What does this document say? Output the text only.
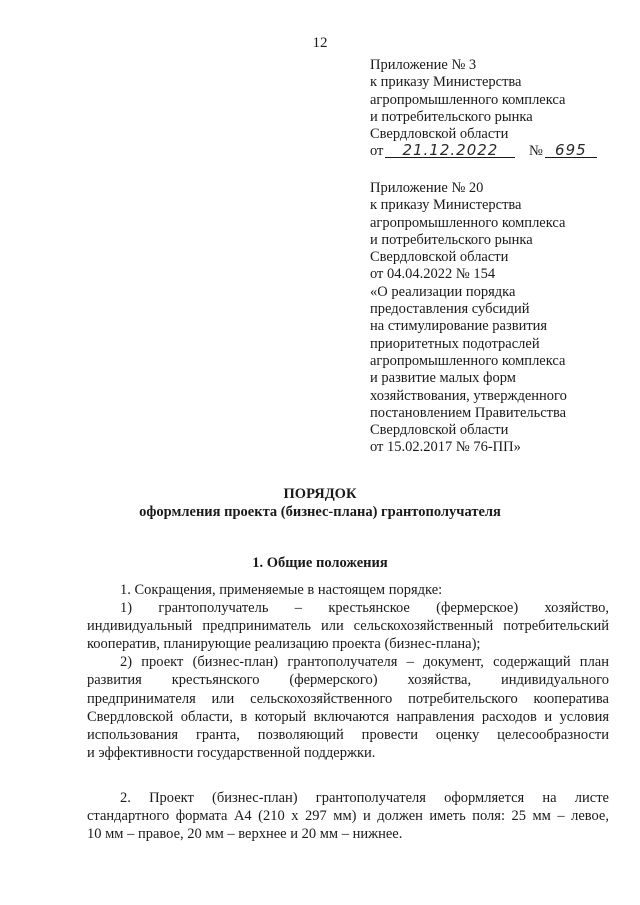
12
Приложение № 3
к приказу Министерства
агропромышленного комплекса
и потребительского рынка
Свердловской области
от 21.12.2022 № 695
Приложение № 20
к приказу Министерства
агропромышленного комплекса
и потребительского рынка
Свердловской области
от 04.04.2022 № 154
«О реализации порядка
предоставления субсидий
на стимулирование развития
приоритетных подотраслей
агропромышленного комплекса
и развитие малых форм
хозяйствования, утвержденного
постановлением Правительства
Свердловской области
от 15.02.2017 № 76-ПП»
ПОРЯДОК
оформления проекта (бизнес-плана) грантополучателя
1. Общие положения
1. Сокращения, применяемые в настоящем порядке:
1) грантополучатель – крестьянское (фермерское) хозяйство,
индивидуальный предприниматель или сельскохозяйственный потребительский
кооператив, планирующие реализацию проекта (бизнес-плана);
2) проект (бизнес-план) грантополучателя – документ, содержащий план
развития крестьянского (фермерского) хозяйства, индивидуального
предпринимателя или сельскохозяйственного потребительского кооператива
Свердловской области, в который включаются направления расходов и условия
использования гранта, позволяющий провести оценку целесообразности
и эффективности государственной поддержки.
2. Проект (бизнес-план) грантополучателя оформляется на листе
стандартного формата А4 (210 х 297 мм) и должен иметь поля: 25 мм – левое,
10 мм – правое, 20 мм – верхнее и 20 мм – нижнее.
